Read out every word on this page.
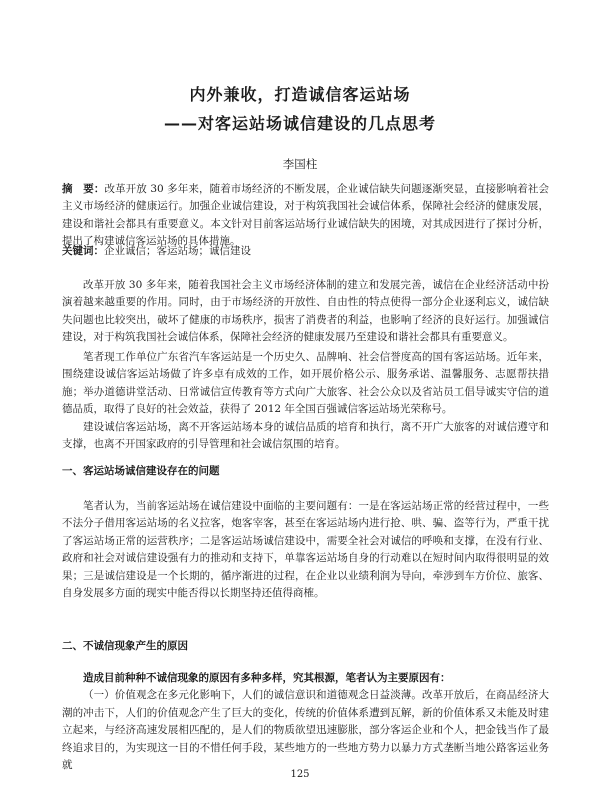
内外兼收，打造诚信客运站场
——对客运站场诚信建设的几点思考

李国柱

摘　要：改革开放 30 多年来，随着市场经济的不断发展，企业诚信缺失问题逐渐突显，直接影响着社会主义市场经济的健康运行。加强企业诚信建设，对于构筑我国社会诚信体系，保障社会经济的健康发展，建设和谐社会都具有重要意义。本文针对目前客运站场行业诚信缺失的困境，对其成因进行了探讨分析，提出了构建诚信客运站场的具体措施。

关键词：企业诚信；客运站场；诚信建设

改革开放 30 多年来，随着我国社会主义市场经济体制的建立和发展完善，诚信在企业经济活动中扮演着越来越重要的作用。同时，由于市场经济的开放性、自由性的特点使得一部分企业逐利忘义，诚信缺失问题也比较突出，破坏了健康的市场秩序，损害了消费者的利益，也影响了经济的良好运行。加强诚信建设，对于构筑我国社会诚信体系，保障社会经济的健康发展乃至建设和谐社会都具有重要意义。

笔者现工作单位广东省汽车客运站是一个历史久、品牌响、社会信誉度高的国有客运站场。近年来，围绕建设诚信客运站场做了许多卓有成效的工作，如开展价格公示、服务承诺、温馨服务、志愿帮扶措施；举办道德讲堂活动、日常诚信宣传教育等方式向广大旅客、社会公众以及省站员工倡导诚实守信的道德品质，取得了良好的社会效益，获得了 2012 年全国百强诚信客运站场光荣称号。

建设诚信客运站场，离不开客运站场本身的诚信品质的培育和执行，离不开广大旅客的对诚信遵守和支撑，也离不开国家政府的引导管理和社会诚信氛围的培育。

一、客运站场诚信建设存在的问题

笔者认为，当前客运站场在诚信建设中面临的主要问题有：一是在客运站场正常的经营过程中，一些不法分子借用客运站场的名义拉客，炮客宰客，甚至在客运站场内进行抢、哄、骗、盗等行为，严重干扰了客运站场正常的运营秩序；二是客运站场诚信建设中，需要全社会对诚信的呼唤和支撑，在没有行业、政府和社会对诚信建设强有力的推动和支持下，单靠客运站场自身的行动难以在短时间内取得很明显的效果；三是诚信建设是一个长期的，循序渐进的过程，在企业以业绩利润为导向，牵涉到车方价位、旅客、自身发展多方面的现实中能否得以长期坚持还值得商榷。

二、不诚信现象产生的原因

造成目前种种不诚信现象的原因有多种多样，究其根源，笔者认为主要原因有：
（一）价值观念在多元化影响下，人们的诚信意识和道德观念日益淡薄。改革开放后，在商品经济大潮的冲击下，人们的价值观念产生了巨大的变化，传统的价值体系遭到瓦解，新的价值体系又未能及时建立起来，与经济高速发展相匹配的，是人们的物质欲望迅速膨胀，部分客运企业和个人，把金钱当作了最终追求目的，为实现这一目的不惜任何手段，某些地方的一些地方势力以暴力方式垄断当地公路客运业务就

125
